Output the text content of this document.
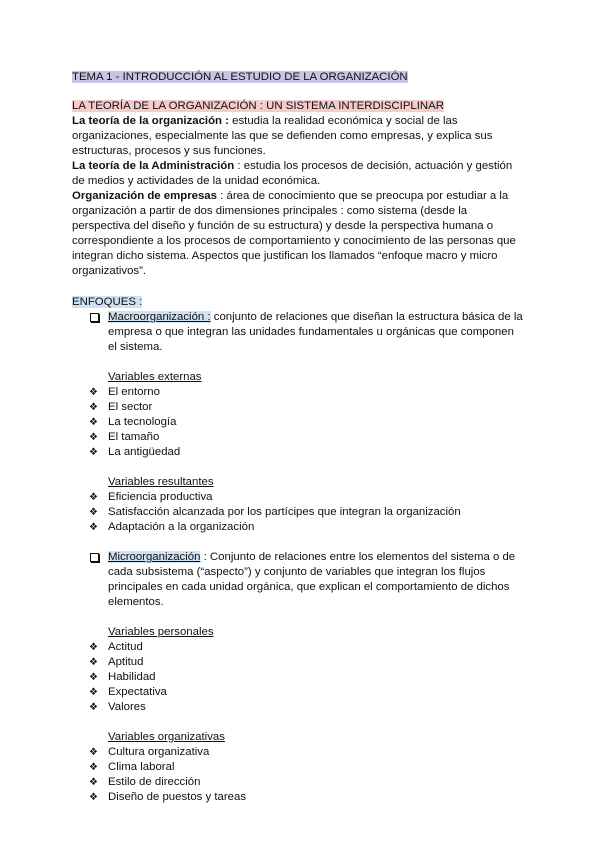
TEMA 1 - INTRODUCCIÓN AL ESTUDIO DE LA ORGANIZACIÓN

LA TEORÍA DE LA ORGANIZACIÓN : UN SISTEMA INTERDISCIPLINAR

La teoría de la organización : estudia la realidad económica y social de las organizaciones, especialmente las que se defienden como empresas, y explica sus estructuras, procesos y sus funciones.

La teoría de la Administración : estudia los procesos de decisión, actuación y gestión de medios y actividades de la unidad económica.

Organización de empresas : área de conocimiento que se preocupa por estudiar a la organización a partir de dos dimensiones principales : como sistema (desde la perspectiva del diseño y función de su estructura) y desde la perspectiva humana o correspondiente a los procesos de comportamiento y conocimiento de las personas que integran dicho sistema. Aspectos que justifican los llamados “enfoque macro y micro organizativos”.

ENFOQUES :

Macroorganización : conjunto de relaciones que diseñan la estructura básica de la empresa o que integran las unidades fundamentales u orgánicas que componen el sistema.

Variables externas

❖ El entorno
❖ El sector
❖ La tecnología
❖ El tamaño
❖ La antigüedad

Variables resultantes

❖ Eficiencia productiva
❖ Satisfacción alcanzada por los partícipes que integran la organización
❖ Adaptación a la organización

Microorganización : Conjunto de relaciones entre los elementos del sistema o de cada subsistema (“aspecto”) y conjunto de variables que integran los flujos principales en cada unidad orgánica, que explican el comportamiento de dichos elementos.

Variables personales

❖ Actitud
❖ Aptitud
❖ Habilidad
❖ Expectativa
❖ Valores

Variables organizativas

❖ Cultura organizativa
❖ Clima laboral
❖ Estilo de dirección
❖ Diseño de puestos y tareas
